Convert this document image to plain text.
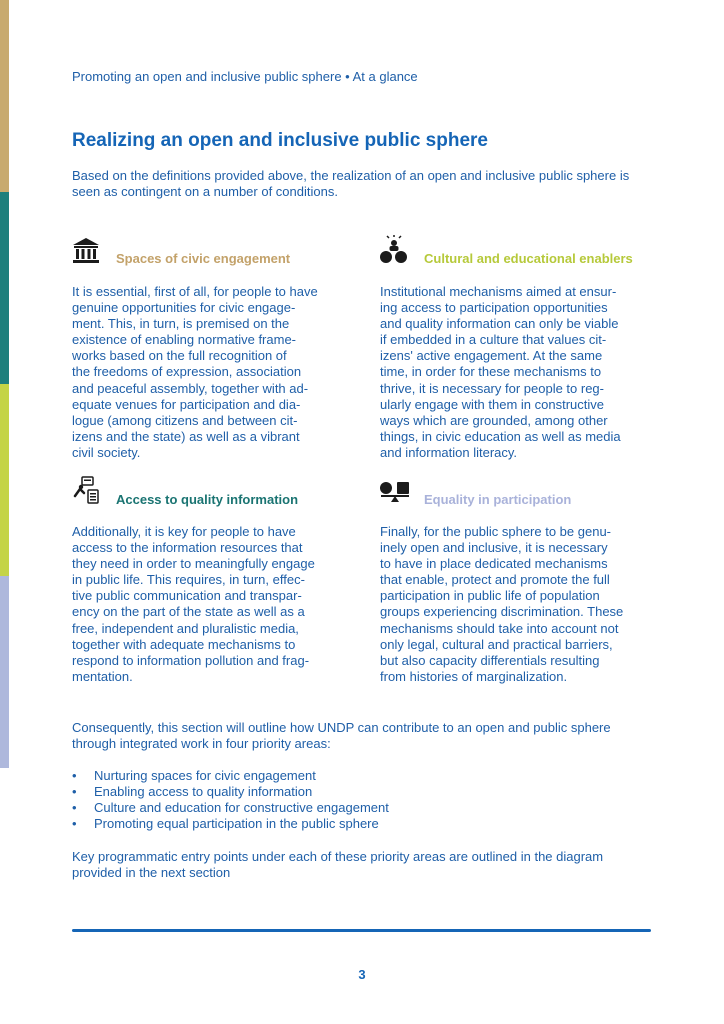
Promoting an open and inclusive public sphere • At a glance
Realizing an open and inclusive public sphere

Based on the definitions provided above, the realization of an open and inclusive public sphere is seen as contingent on a number of conditions.

Spaces of civic engagement
It is essential, first of all, for people to have
genuine opportunities for civic engage-
ment. This, in turn, is premised on the
existence of enabling normative frame-
works based on the full recognition of
the freedoms of expression, association
and peaceful assembly, together with ad-
equate venues for participation and dia-
logue (among citizens and between cit-
izens and the state) as well as a vibrant
civil society.
Cultural and educational enablers
Institutional mechanisms aimed at ensur-
ing access to participation opportunities
and quality information can only be viable
if embedded in a culture that values cit-
izens' active engagement. At the same
time, in order for these mechanisms to
thrive, it is necessary for people to reg-
ularly engage with them in constructive
ways which are grounded, among other
things, in civic education as well as media
and information literacy.
Access to quality information
Additionally, it is key for people to have
access to the information resources that
they need in order to meaningfully engage
in public life. This requires, in turn, effec-
tive public communication and transpar-
ency on the part of the state as well as a
free, independent and pluralistic media,
together with adequate mechanisms to
respond to information pollution and frag-
mentation.
Equality in participation
Finally, for the public sphere to be genu-
inely open and inclusive, it is necessary
to have in place dedicated mechanisms
that enable, protect and promote the full
participation in public life of population
groups experiencing discrimination. These
mechanisms should take into account not
only legal, cultural and practical barriers,
but also capacity differentials resulting
from histories of marginalization.

Consequently, this section will outline how UNDP can contribute to an open and public sphere through integrated work in four priority areas:

• Nurturing spaces for civic engagement
• Enabling access to quality information
• Culture and education for constructive engagement
• Promoting equal participation in the public sphere

Key programmatic entry points under each of these priority areas are outlined in the diagram provided in the next section

3
